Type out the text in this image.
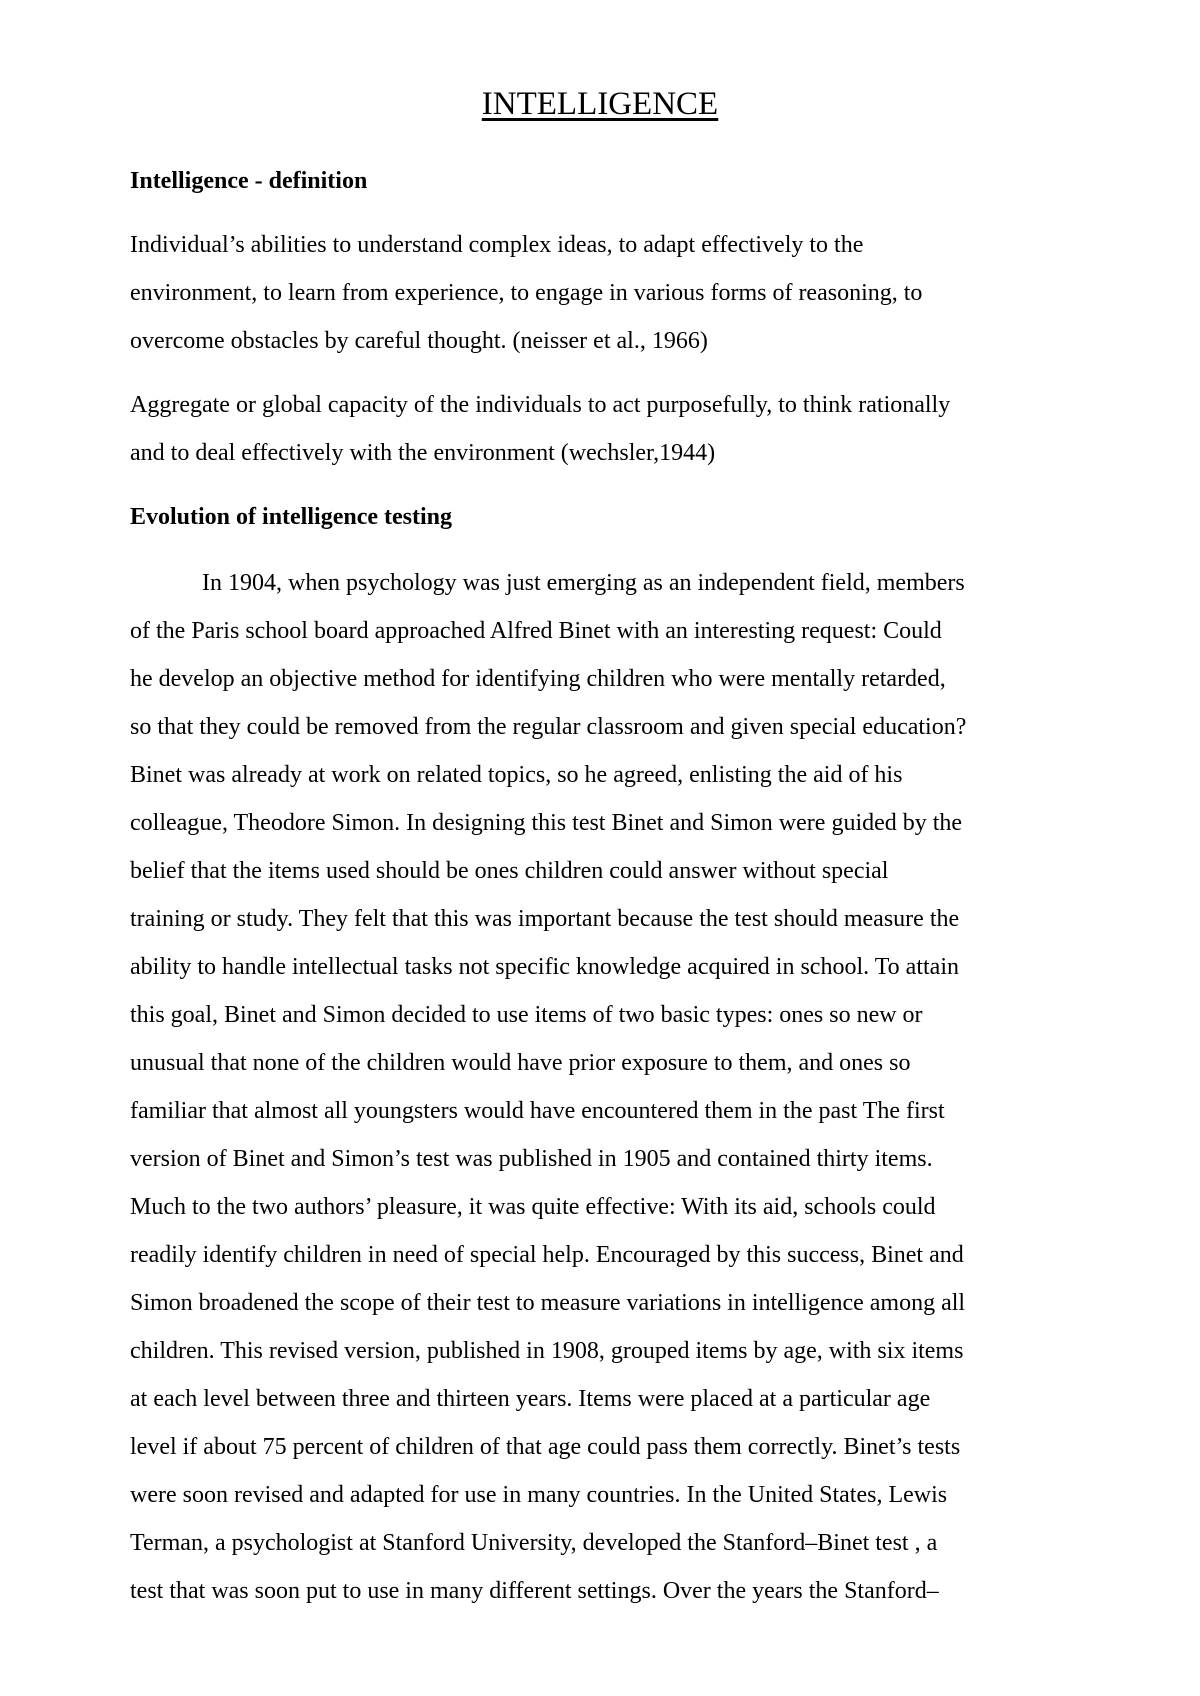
INTELLIGENCE
Intelligence - definition
Individual’s abilities to understand complex ideas, to adapt effectively to the
environment, to learn from experience, to engage in various forms of reasoning, to
overcome obstacles by careful thought. (neisser et al., 1966)
Aggregate or global capacity of the individuals to act purposefully, to think rationally
and to deal effectively with the environment (wechsler,1944)
Evolution of intelligence testing
In 1904, when psychology was just emerging as an independent field, members
of the Paris school board approached Alfred Binet with an interesting request: Could
he develop an objective method for identifying children who were mentally retarded,
so that they could be removed from the regular classroom and given special education?
Binet was already at work on related topics, so he agreed, enlisting the aid of his
colleague, Theodore Simon. In designing this test Binet and Simon were guided by the
belief that the items used should be ones children could answer without special
training or study. They felt that this was important because the test should measure the
ability to handle intellectual tasks not specific knowledge acquired in school. To attain
this goal, Binet and Simon decided to use items of two basic types: ones so new or
unusual that none of the children would have prior exposure to them, and ones so
familiar that almost all youngsters would have encountered them in the past The first
version of Binet and Simon’s test was published in 1905 and contained thirty items.
Much to the two authors’ pleasure, it was quite effective: With its aid, schools could
readily identify children in need of special help. Encouraged by this success, Binet and
Simon broadened the scope of their test to measure variations in intelligence among all
children. This revised version, published in 1908, grouped items by age, with six items
at each level between three and thirteen years. Items were placed at a particular age
level if about 75 percent of children of that age could pass them correctly. Binet’s tests
were soon revised and adapted for use in many countries. In the United States, Lewis
Terman, a psychologist at Stanford University, developed the Stanford–Binet test , a
test that was soon put to use in many different settings. Over the years the Stanford–
